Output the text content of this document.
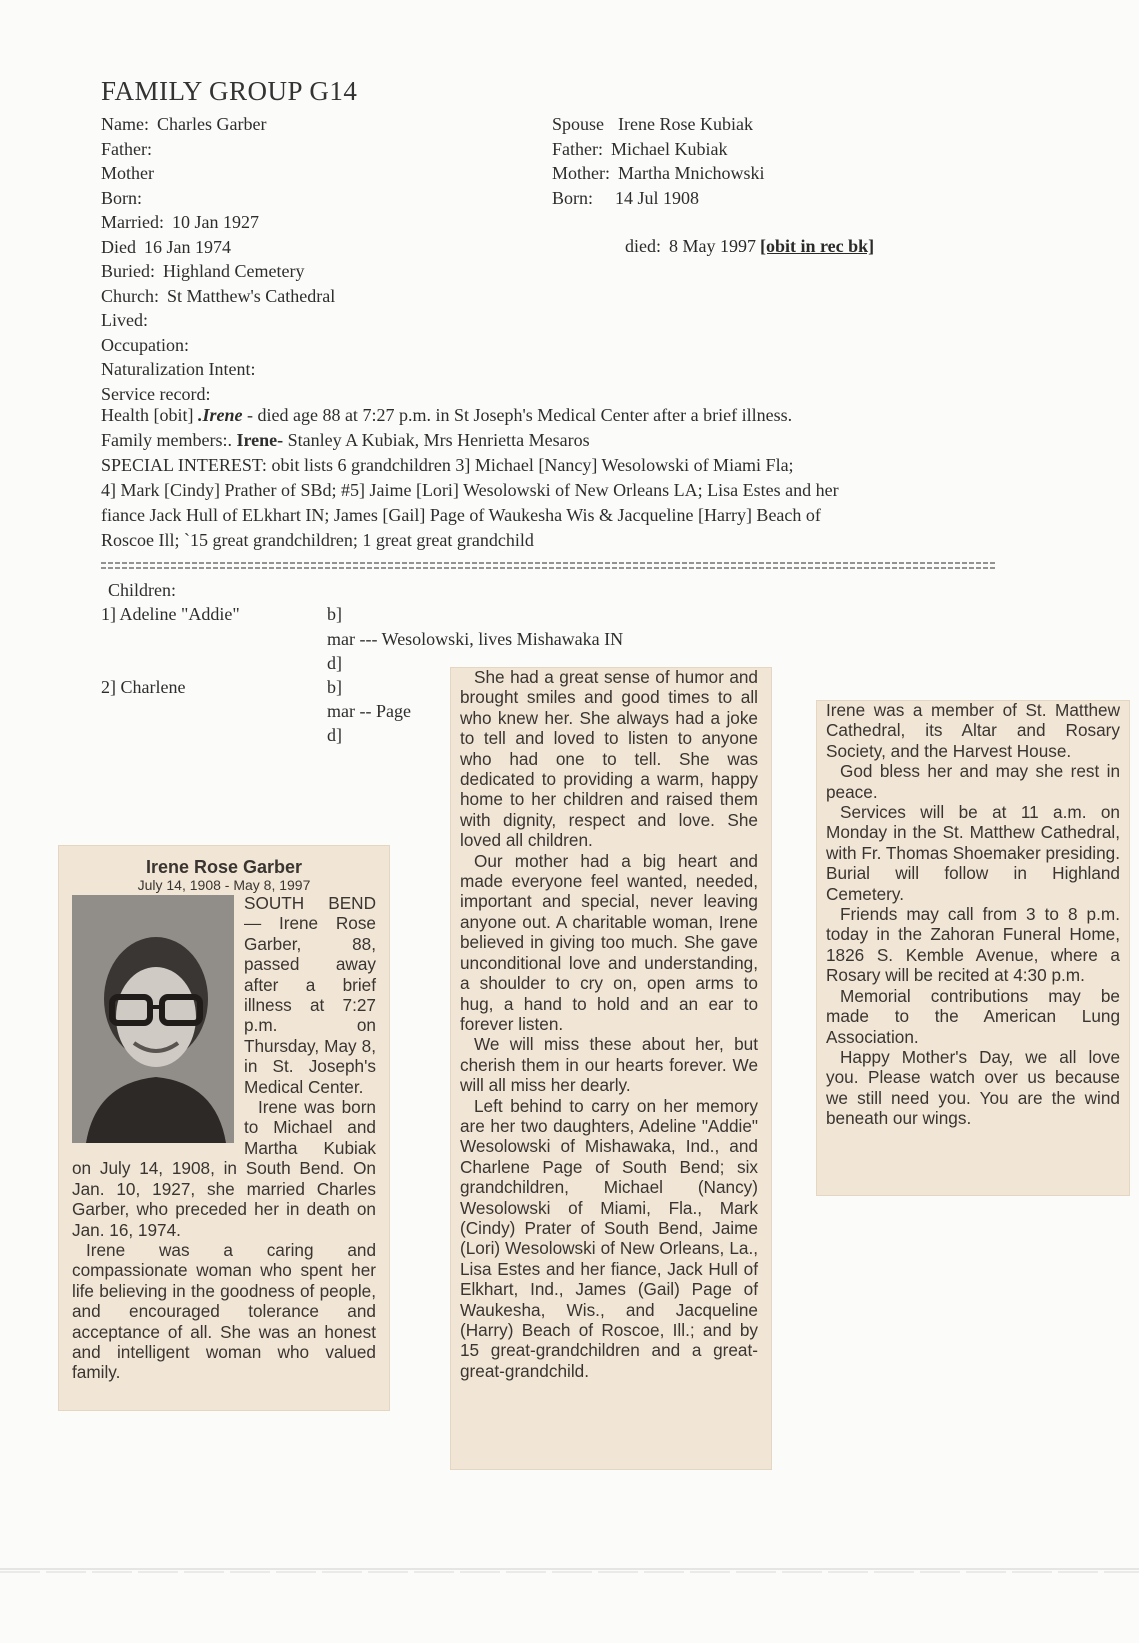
FAMILY GROUP G14
Name: Charles Garber
Father:
Mother
Born:
Married: 10 Jan 1927
Died 16 Jan 1974
Buried: Highland Cemetery
Church: St Matthew's Cathedral
Lived:
Occupation:
Naturalization Intent:
Service record:
Spouse Irene Rose Kubiak
Father: Michael Kubiak
Mother: Martha Mnichowski
Born: 14 Jul 1908
died: 8 May 1997 [obit in rec bk]
Health [obit] .Irene - died age 88 at 7:27 p.m. in St Joseph's Medical Center after a brief illness.
Family members:. Irene- Stanley A Kubiak, Mrs Henrietta Mesaros
SPECIAL INTEREST: obit lists 6 grandchildren 3] Michael [Nancy] Wesolowski of Miami Fla;
4] Mark [Cindy] Prather of SBd; #5] Jaime [Lori] Wesolowski of New Orleans LA; Lisa Estes and her
fiance Jack Hull of ELkhart IN; James [Gail] Page of Waukesha Wis & Jacqueline [Harry] Beach of
Roscoe Ill; `15 great grandchildren; 1 great great grandchild
Children:
1] Adeline "Addie"	b]
mar --- Wesolowski, lives Mishawaka IN
d]
2] Charlene	b]
mar -- Page
d]
Irene Rose Garber
July 14, 1908 - May 8, 1997

SOUTH BEND — Irene Rose Garber, 88, passed away after a brief illness at 7:27 p.m. on Thursday, May 8, in St. Joseph's Medical Center.

Irene was born to Michael and Martha Kubiak on July 14, 1908, in South Bend. On Jan. 10, 1927, she married Charles Garber, who preceded her in death on Jan. 16, 1974.

Irene was a caring and compassionate woman who spent her life believing in the goodness of people, and encouraged tolerance and acceptance of all. She was an honest and intelligent woman who valued family.

She had a great sense of humor and brought smiles and good times to all who knew her. She always had a joke to tell and loved to listen to anyone who had one to tell. She was dedicated to providing a warm, happy home to her children and raised them with dignity, respect and love. She loved all children.

Our mother had a big heart and made everyone feel wanted, needed, important and special, never leaving anyone out. A charitable woman, Irene believed in giving too much. She gave unconditional love and understanding, a shoulder to cry on, open arms to hug, a hand to hold and an ear to forever listen.

We will miss these about her, but cherish them in our hearts forever. We will all miss her dearly.

Left behind to carry on her memory are her two daughters, Adeline "Addie" Wesolowski of Mishawaka, Ind., and Charlene Page of South Bend; six grandchildren, Michael (Nancy) Wesolowski of Miami, Fla., Mark (Cindy) Prater of South Bend, Jaime (Lori) Wesolowski of New Orleans, La., Lisa Estes and her fiance, Jack Hull of Elkhart, Ind., James (Gail) Page of Waukesha, Wis., and Jacqueline (Harry) Beach of Roscoe, Ill.; and by 15 great-grandchildren and a great-great-grandchild.

Irene was a member of St. Matthew Cathedral, its Altar and Rosary Society, and the Harvest House.

God bless her and may she rest in peace.

Services will be at 11 a.m. on Monday in the St. Matthew Cathedral, with Fr. Thomas Shoemaker presiding. Burial will follow in Highland Cemetery.

Friends may call from 3 to 8 p.m. today in the Zahoran Funeral Home, 1826 S. Kemble Avenue, where a Rosary will be recited at 4:30 p.m.

Memorial contributions may be made to the American Lung Association.

Happy Mother's Day, we all love you. Please watch over us because we still need you. You are the wind beneath our wings.
